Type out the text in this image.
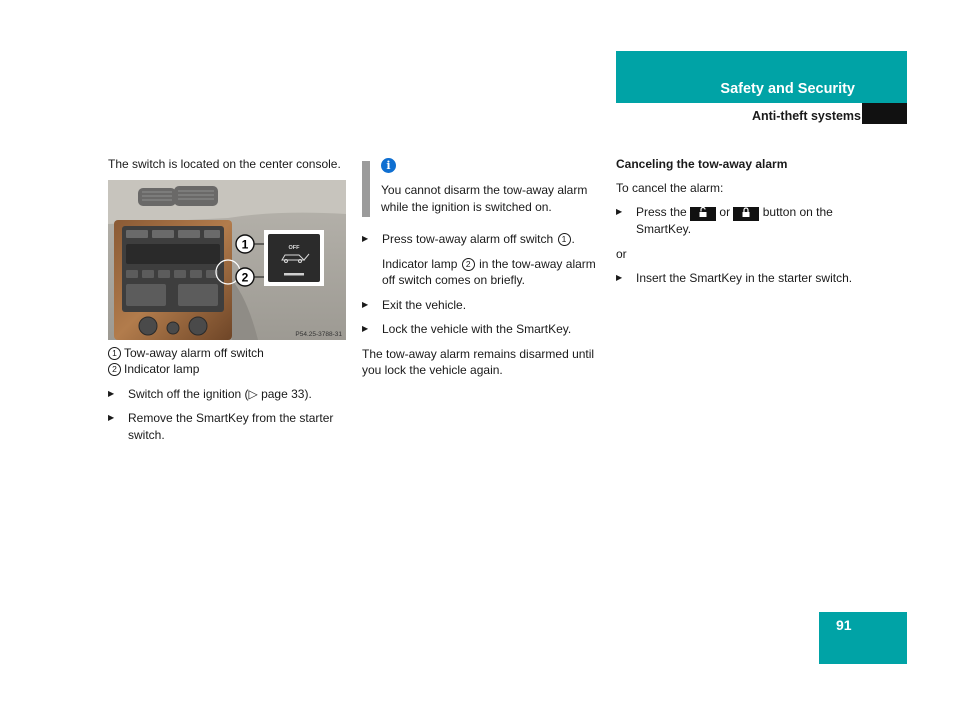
Safety and Security
Anti-theft systems

The switch is located on the center console.

OFF
1
2
P54.25-3788-31

1 Tow-away alarm off switch

2 Indicator lamp

▶ Switch off the ignition (▷ page 33).

▶ Remove the SmartKey from the starter switch.

i

You cannot disarm the tow-away alarm while the ignition is switched on.

▶ Press tow-away alarm off switch 1 .

Indicator lamp 2 in the tow-away alarm off switch comes on briefly.

▶ Exit the vehicle.

▶ Lock the vehicle with the SmartKey.

The tow-away alarm remains disarmed until you lock the vehicle again.

Canceling the tow-away alarm

To cancel the alarm:

▶ Press the	or	button on the SmartKey.

or

▶ Insert the SmartKey in the starter switch.

91
